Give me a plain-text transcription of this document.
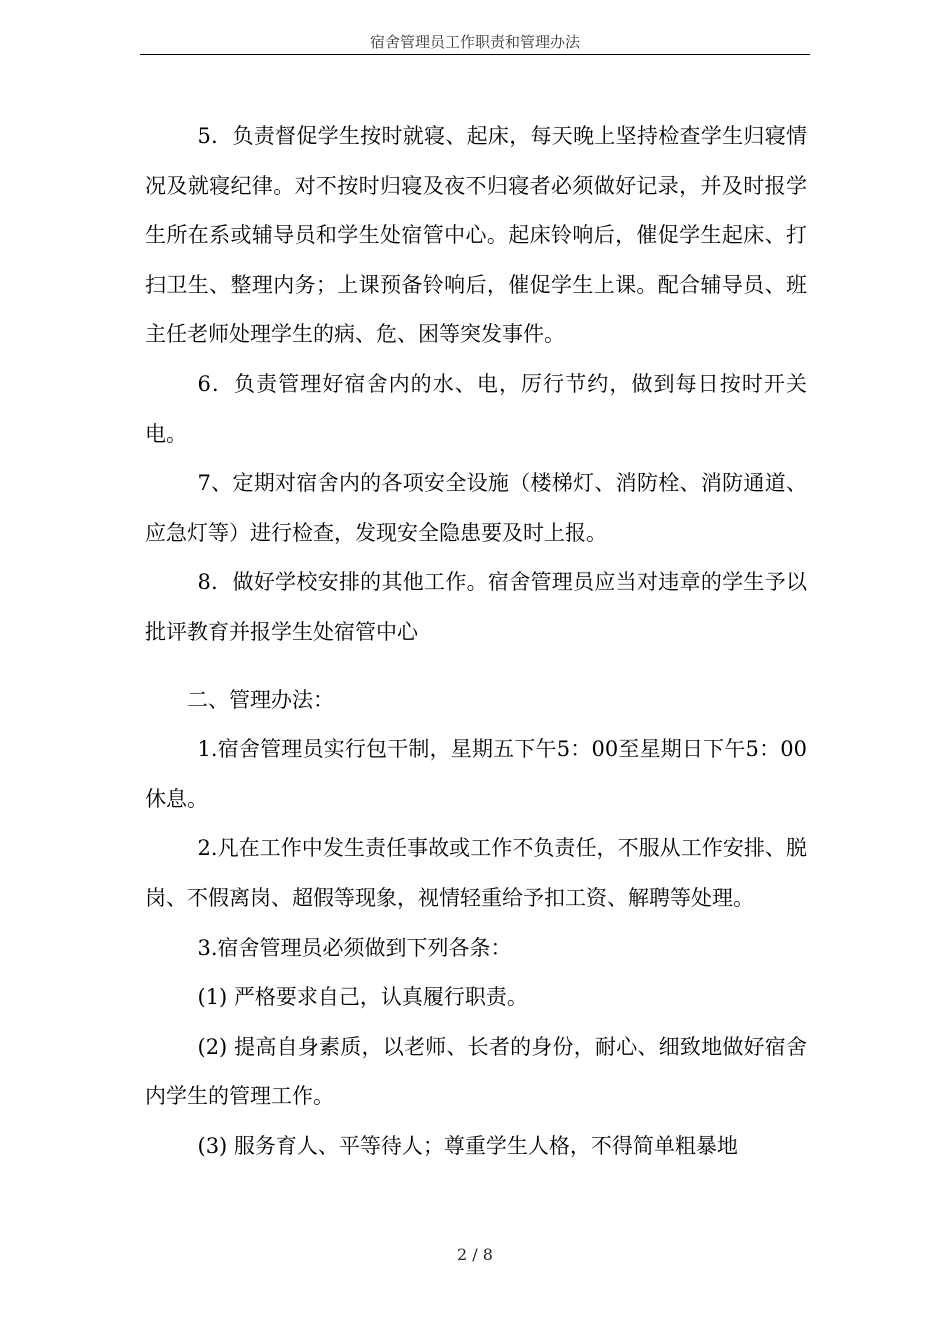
宿舍管理员工作职责和管理办法

5．负责督促学生按时就寝、起床，每天晚上坚持检查学生归寝情况及就寝纪律。对不按时归寝及夜不归寝者必须做好记录，并及时报学生所在系或辅导员和学生处宿管中心。起床铃响后，催促学生起床、打扫卫生、整理内务；上课预备铃响后，催促学生上课。配合辅导员、班主任老师处理学生的病、危、困等突发事件。

6．负责管理好宿舍内的水、电，厉行节约，做到每日按时开关电。

7、定期对宿舍内的各项安全设施（楼梯灯、消防栓、消防通道、应急灯等）进行检查，发现安全隐患要及时上报。

8．做好学校安排的其他工作。宿舍管理员应当对违章的学生予以批评教育并报学生处宿管中心

二、管理办法：

1.宿舍管理员实行包干制，星期五下午5：00至星期日下午5：00休息。

2.凡在工作中发生责任事故或工作不负责任，不服从工作安排、脱岗、不假离岗、超假等现象，视情轻重给予扣工资、解聘等处理。

3.宿舍管理员必须做到下列各条：

(1) 严格要求自己，认真履行职责。

(2) 提高自身素质，以老师、长者的身份，耐心、细致地做好宿舍内学生的管理工作。

(3) 服务育人、平等待人；尊重学生人格，不得简单粗暴地

2 / 8
